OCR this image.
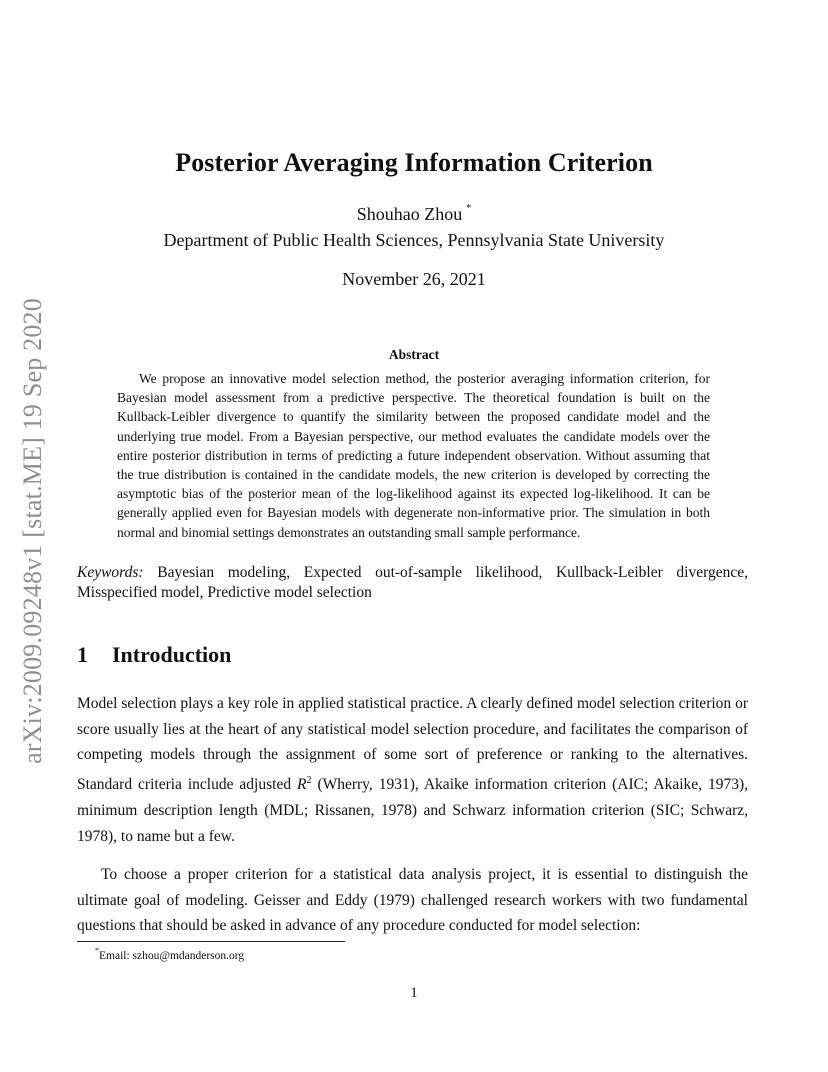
arXiv:2009.09248v1 [stat.ME] 19 Sep 2020
Posterior Averaging Information Criterion
Shouhao Zhou *
Department of Public Health Sciences, Pennsylvania State University
November 26, 2021
Abstract
We propose an innovative model selection method, the posterior averaging information criterion, for Bayesian model assessment from a predictive perspective. The theoretical foundation is built on the Kullback-Leibler divergence to quantify the similarity between the proposed candidate model and the underlying true model. From a Bayesian perspective, our method evaluates the candidate models over the entire posterior distribution in terms of predicting a future independent observation. Without assuming that the true distribution is contained in the candidate models, the new criterion is developed by correcting the asymptotic bias of the posterior mean of the log-likelihood against its expected log-likelihood. It can be generally applied even for Bayesian models with degenerate non-informative prior. The simulation in both normal and binomial settings demonstrates an outstanding small sample performance.
Keywords: Bayesian modeling, Expected out-of-sample likelihood, Kullback-Leibler divergence, Misspecified model, Predictive model selection
1 Introduction
Model selection plays a key role in applied statistical practice. A clearly defined model selection criterion or score usually lies at the heart of any statistical model selection procedure, and facilitates the comparison of competing models through the assignment of some sort of preference or ranking to the alternatives. Standard criteria include adjusted $R^2$ (Wherry, 1931), Akaike information criterion (AIC; Akaike, 1973), minimum description length (MDL; Rissanen, 1978) and Schwarz information criterion (SIC; Schwarz, 1978), to name but a few.
To choose a proper criterion for a statistical data analysis project, it is essential to distinguish the ultimate goal of modeling. Geisser and Eddy (1979) challenged research workers with two fundamental questions that should be asked in advance of any procedure conducted for model selection:
*Email: szhou@mdanderson.org
1
